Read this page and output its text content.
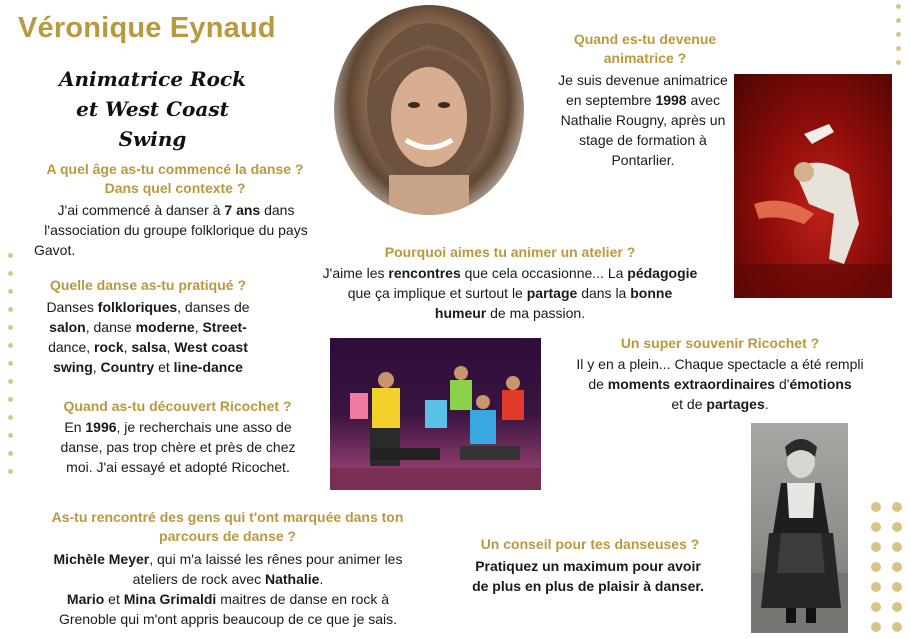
Véronique Eynaud
Animatrice Rock
et West Coast Swing
A quel âge as-tu commencé la danse ?
Dans quel contexte ?
J'ai commencé à danser à 7 ans dans
l'association du groupe folklorique du pays
Gavot.
Quelle danse as-tu pratiqué ?
Danses folkloriques, danses de
salon, danse moderne, Street-
dance, rock, salsa, West coast
swing, Country et line-dance
Quand as-tu découvert Ricochet ?
En 1996, je recherchais une asso de
danse, pas trop chère et près de chez
moi. J'ai essayé et adopté Ricochet.
As-tu rencontré des gens qui t'ont marquée dans ton
parcours de danse ?
Michèle Meyer, qui m'a laissé les rênes pour animer les
ateliers de rock avec Nathalie.
Mario et Mina Grimaldi maitres de danse en rock à
Grenoble qui m'ont appris beaucoup de ce que je sais.
Quand es-tu devenue
animatrice ?
Je suis devenue animatrice
en septembre 1998 avec
Nathalie Rougny, après un
stage de formation à
Pontarlier.
Pourquoi aimes tu animer un atelier ?
J'aime les rencontres que cela occasionne... La pédagogie
que ça implique et surtout le partage dans la bonne
humeur de ma passion.
Un super souvenir Ricochet ?
Il y en a plein... Chaque spectacle a été rempli
de moments extraordinaires d'émotions
et de partages.
Un conseil pour tes danseuses ?
Pratiquez un maximum pour avoir
de plus en plus de plaisir à danser.
